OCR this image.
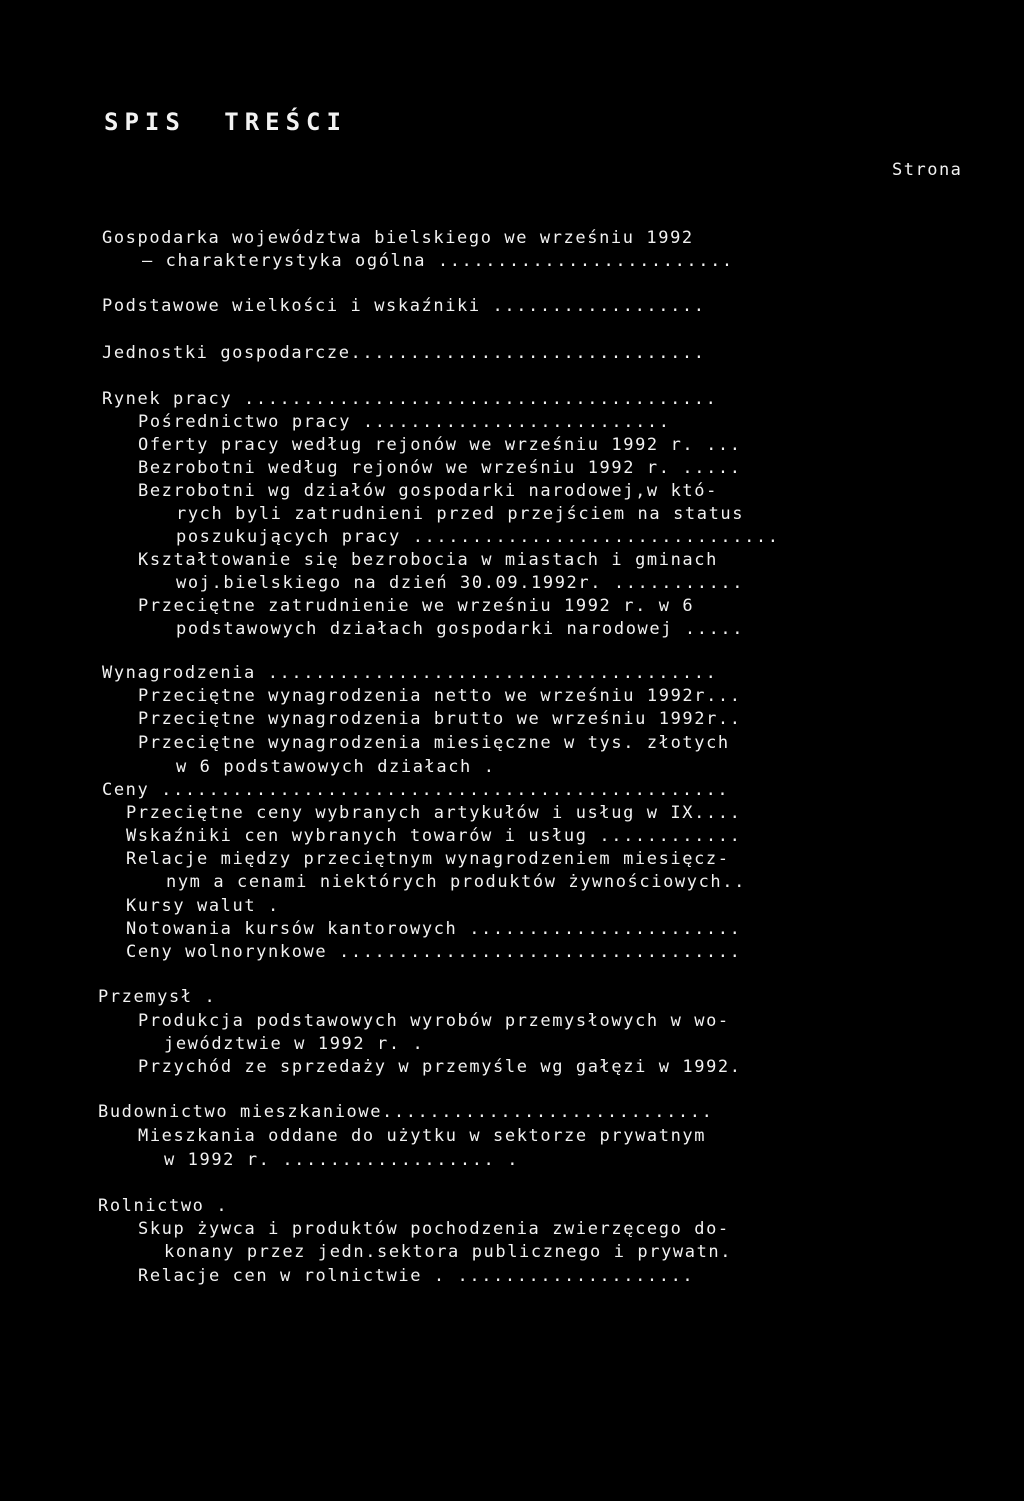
SPIS TREŚCI
Strona
Gospodarka województwa bielskiego we wrześniu 1992
– charakterystyka ogólna .........................
Podstawowe wielkości i wskaźniki ..................
Jednostki gospodarcze..............................
Rynek pracy ........................................
Pośrednictwo pracy ..........................
Oferty pracy według rejonów we wrześniu 1992 r. ...
Bezrobotni według rejonów we wrześniu 1992 r. .....
Bezrobotni wg działów gospodarki narodowej,w któ-
rych byli zatrudnieni przed przejściem na status
poszukujących pracy ...............................
Kształtowanie się bezrobocia w miastach i gminach
woj.bielskiego na dzień 30.09.1992r. ...........
Przeciętne zatrudnienie we wrześniu 1992 r. w 6
podstawowych działach gospodarki narodowej .....
Wynagrodzenia ......................................
Przeciętne wynagrodzenia netto we wrześniu 1992r...
Przeciętne wynagrodzenia brutto we wrześniu 1992r..
Przeciętne wynagrodzenia miesięczne w tys. złotych
w 6 podstawowych działach .
Ceny ................................................
Przeciętne ceny wybranych artykułów i usług w IX....
Wskaźniki cen wybranych towarów i usług ............
Relacje między przeciętnym wynagrodzeniem miesięcz-
nym a cenami niektórych produktów żywnościowych..
Kursy walut .
Notowania kursów kantorowych .......................
Ceny wolnorynkowe ..................................
Przemysł .
Produkcja podstawowych wyrobów przemysłowych w wo-
jewództwie w 1992 r. .
Przychód ze sprzedaży w przemyśle wg gałęzi w 1992.
Budownictwo mieszkaniowe............................
Mieszkania oddane do użytku w sektorze prywatnym
w 1992 r. .................. .
Rolnictwo .
Skup żywca i produktów pochodzenia zwierzęcego do-
konany przez jedn.sektora publicznego i prywatn.
Relacje cen w rolnictwie . ....................
